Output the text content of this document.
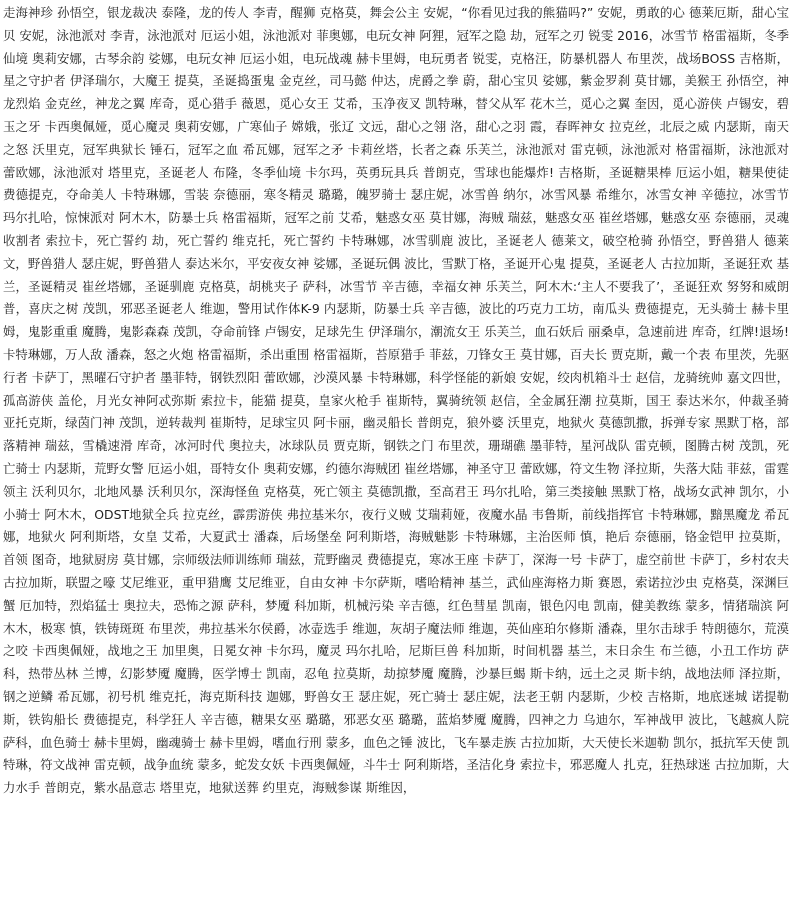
走海神珍 孙悟空，银龙裁决 泰隆，龙的传人 李青，醒狮 克格莫，舞会公主 安妮，“你看见过我的熊猫吗?” 安妮，勇敢的心 德莱厄斯，甜心宝贝 安妮，泳池派对 李青，泳池派对 厄运小姐，泳池派对 菲奥娜，电玩女神 阿狸，冠军之隐 劫，冠军之刃 锐雯 2016，冰雪节 格雷福斯，冬季仙境 奥莉安娜，古琴余韵 娑娜，电玩女神 厄运小姐，电玩战魂 赫卡里姆，电玩勇者 锐雯，克格汪，防暴机器人 布里茨，战场BOSS 吉格斯，星之守护者 伊泽瑞尔，大魔王 提莫，圣诞捣蛋鬼 金克丝，司马懿 仲达，虎爵之拳 蔚，甜心宝贝 娑娜，紫金罗刹 莫甘娜，美猴王 孙悟空，神龙烈焰 金克丝，神龙之翼 库奇，觅心猎手 薇恩，觅心女王 艾希，玉净夜叉 凯特琳，替父从军 花木兰，觅心之翼 奎因，觅心游侠 卢锡安，碧玉之牙 卡西奥佩娅，觅心魔灵 奥莉安娜，广寒仙子 嫦娥，张辽 文远，甜心之翎 洛，甜心之羽 霞，春晖神女 拉克丝，北辰之威 内瑟斯，南天之怒 沃里克，冠军典狱长 锤石，冠军之血 希瓦娜，冠军之矛 卡莉丝塔，长者之森 乐芙兰，泳池派对 雷克顿，泳池派对 格雷福斯，泳池派对 蕾欧娜，泳池派对 塔里克，圣诞老人 布隆，冬季仙境 卡尔玛，英勇玩具兵 普朗克，雪球也能爆炸! 吉格斯，圣诞糖果棒 厄运小姐，糖果使徒 费德提克，夺命美人 卡特琳娜，雪装 奈德丽，寒冬精灵 璐璐，魄罗骑士 瑟庄妮，冰雪兽 纳尔，冰雪风暴 希维尔，冰雪女神 辛德拉，冰雪节 玛尔扎哈，惊悚派对 阿木木，防暴士兵 格雷福斯，冠军之前 艾希，魅惑女巫 莫甘娜，海贼 瑞兹，魅惑女巫 崔丝塔娜，魅惑女巫 奈德丽，灵魂收割者 索拉卡，死亡誓约 劫，死亡誓约 维克托，死亡誓约 卡特琳娜，冰雪驯鹿 波比，圣诞老人 德莱文，破空枪骑 孙悟空，野兽猎人 德莱文，野兽猎人 瑟庄妮，野兽猎人 泰达米尔，平安夜女神 娑娜，圣诞玩偶 波比，雪默丁格，圣诞开心鬼 提莫，圣诞老人 古拉加斯，圣诞狂欢 基兰，圣诞精灵 崔丝塔娜，圣诞驯鹿 克格莫，胡桃夹子 萨科，冰雪节 辛吉德，幸福女神 乐芙兰，阿木木:‘主人不要我了’，圣诞狂欢 努努和威朗普，喜庆之树 茂凯，邪恶圣诞老人 维迦，警用试作体K-9 内瑟斯，防暴士兵 辛吉德，波比的巧克力工坊，南瓜头 费德提克，无头骑士 赫卡里姆，鬼影重重 魔腾，鬼影森森 茂凯，夺命前锋 卢锡安，足球先生 伊泽瑞尔，潮流女王 乐芙兰，血石妖后 丽桑卓，急速前进 库奇，红牌!退场! 卡特琳娜，万人敌 潘森，怒之火炮 格雷福斯，杀出重围 格雷福斯，苔原猎手 菲兹，刀锋女王 莫甘娜，百夫长 贾克斯，戴一个表 布里茨，先驱行者 卡萨丁，黑曜石守护者 墨菲特，钢铁烈阳 蕾欧娜，沙漠风暴 卡特琳娜，科学怪能的新娘 安妮，绞肉机箱斗士 赵信，龙骑统帅 嘉文四世，孤高游侠 盖伦，月光女神阿忒弥斯 索拉卡，能猫 提莫，皇家火枪手 崔斯特，翼骑统领 赵信，全金属狂潮 拉莫斯，国王 泰达米尔，仲裁圣骑 亚托克斯，绿茵门神 茂凯，逆转裁判 崔斯特，足球宝贝 阿卡丽，幽灵船长 普朗克，狼外婆 沃里克，地狱火 莫德凯撒，拆弹专家 黑默丁格，部落精神 瑞兹，雪橇速滑 库奇，冰河时代 奥拉夫，冰球队员 贾克斯，钢铁之门 布里茨，珊瑚礁 墨菲特，星河战队 雷克顿，图腾古树 茂凯，死亡骑士 内瑟斯，荒野女警 厄运小姐，哥特女仆 奥莉安娜，约德尔海贼团 崔丝塔娜，神圣守卫 蕾欧娜，符文生物 泽拉斯，失落大陆 菲兹，雷霆领主 沃利贝尔，北地风暴 沃利贝尔，深海怪鱼 克格莫，死亡领主 莫德凯撒，至高君王 玛尔扎哈，第三类接触 黑默丁格，战场女武神 凯尔，小小骑士 阿木木，ODST地狱全兵 拉克丝，霹雳游侠 弗拉基米尔，夜行义贼 艾瑞莉娅，夜魔水晶 韦鲁斯，前线指挥官 卡特琳娜，黯黑魔龙 希瓦娜，地狱火 阿利斯塔，女皇 艾希，大夏武士 潘森，后场堡垒 阿利斯塔，海贼魅影 卡特琳娜，主治医师 慎，艳后 奈德丽，铬金铠甲 拉莫斯，首领 图奇，地狱厨房 莫甘娜，宗师级法师训练师 瑞兹，荒野幽灵 费德提克，寒冰王座 卡萨丁，深海一号 卡萨丁，虚空前世 卡萨丁，乡村农夫 古拉加斯，联盟之嚎 艾尼维亚，重甲猎鹰 艾尼维亚，自由女神 卡尔萨斯，嗜哈精神 基兰，武仙座海格力斯 赛恩，索诺拉沙虫 克格莫，深渊巨蟹 厄加特，烈焰猛士 奥拉夫，恐怖之源 萨科，梦魇 科加斯，机械污染 辛吉德，红色彗星 凯南，银色闪电 凯南，健美教练 蒙多，情猪瑞滨 阿木木，极寒 慎，铁铸斑斑 布里茨，弗拉基米尔侯爵，冰壶选手 维迦，灰胡子魔法师 维迦，英仙座珀尔修斯 潘森，里尔击球手 特朗德尔，荒漠之咬 卡西奥佩娅，战地之王 加里奥，日冕女神 卡尔玛，魔灵 玛尔扎哈，尼斯巨兽 科加斯，时间机器 基兰，末日余生 布兰德，小丑工作坊 萨科，热带丛林 兰博，幻影梦魇 魔腾，医学博士 凯南，忍龟 拉莫斯，劫掠梦魇 魔腾，沙暴巨蝎 斯卡纳，远土之灵 斯卡纳，战地法师 泽拉斯，钢之逆鳞 希瓦娜，初号机 维克托，海克斯科技 迦娜，野兽女王 瑟庄妮，死亡骑士 瑟庄妮，法老王朝 内瑟斯，少校 吉格斯，地底迷城 诺提勒斯，铁钩船长 费德提克，科学狂人 辛吉德，糖果女巫 璐璐，邪恶女巫 璐璐，蓝焰梦魇 魔腾，四神之力 乌迪尔，军神战甲 波比，飞越疯人院 萨科，血色骑士 赫卡里姆，幽魂骑士 赫卡里姆，嗜血行刑 蒙多，血色之锤 波比，飞车暴走族 古拉加斯，大天使长米迦勒 凯尔，抵抗军天使 凯特琳，符文战神 雷克顿，战争血统 蒙多，蛇发女妖 卡西奥佩娅，斗牛士 阿利斯塔，圣洁化身 索拉卡，邪恶魔人 扎克，狂热球迷 古拉加斯，大力水手 普朗克，紫水晶意志 塔里克，地狱送葬 约里克，海贼参谋 斯维因，
